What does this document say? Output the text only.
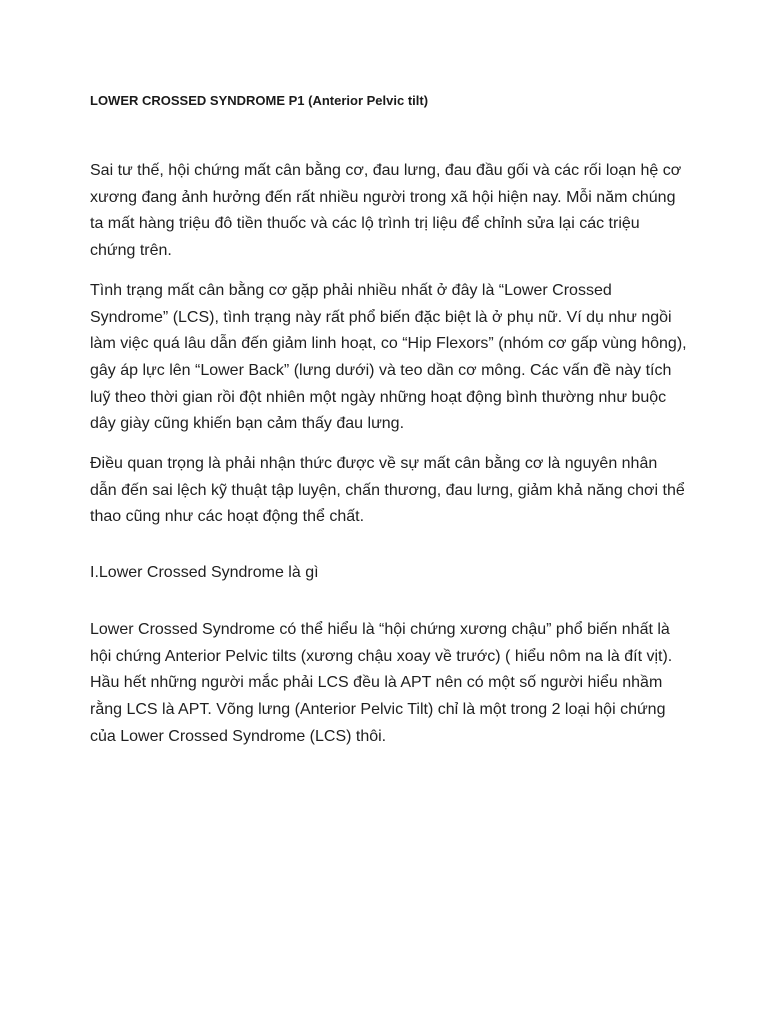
LOWER CROSSED SYNDROME P1 (Anterior Pelvic tilt)

Sai tư thế, hội chứng mất cân bằng cơ, đau lưng, đau đầu gối và các rối loạn hệ cơ xương đang ảnh hưởng đến rất nhiều người trong xã hội hiện nay. Mỗi năm chúng ta mất hàng triệu đô tiền thuốc và các lộ trình trị liệu để chỉnh sửa lại các triệu chứng trên.

Tình trạng mất cân bằng cơ gặp phải nhiều nhất ở đây là “Lower Crossed Syndrome” (LCS), tình trạng này rất phổ biến đặc biệt là ở phụ nữ. Ví dụ như ngồi làm việc quá lâu dẫn đến giảm linh hoạt, co “Hip Flexors” (nhóm cơ gấp vùng hông), gây áp lực lên “Lower Back” (lưng dưới) và teo dần cơ mông. Các vấn đề này tích luỹ theo thời gian rồi đột nhiên một ngày những hoạt động bình thường như buộc dây giày cũng khiến bạn cảm thấy đau lưng.

Điều quan trọng là phải nhận thức được về sự mất cân bằng cơ là nguyên nhân dẫn đến sai lệch kỹ thuật tập luyện, chấn thương, đau lưng, giảm khả năng chơi thể thao cũng như các hoạt động thể chất.

I.Lower Crossed Syndrome là gì

Lower Crossed Syndrome có thể hiểu là “hội chứng xương chậu” phổ biến nhất là hội chứng Anterior Pelvic tilts (xương chậu xoay về trước) ( hiểu nôm na là đít vịt). Hầu hết những người mắc phải LCS đều là APT nên có một số người hiểu nhầm rằng LCS là APT. Võng lưng (Anterior Pelvic Tilt) chỉ là một trong 2 loại hội chứng của Lower Crossed Syndrome (LCS) thôi.
